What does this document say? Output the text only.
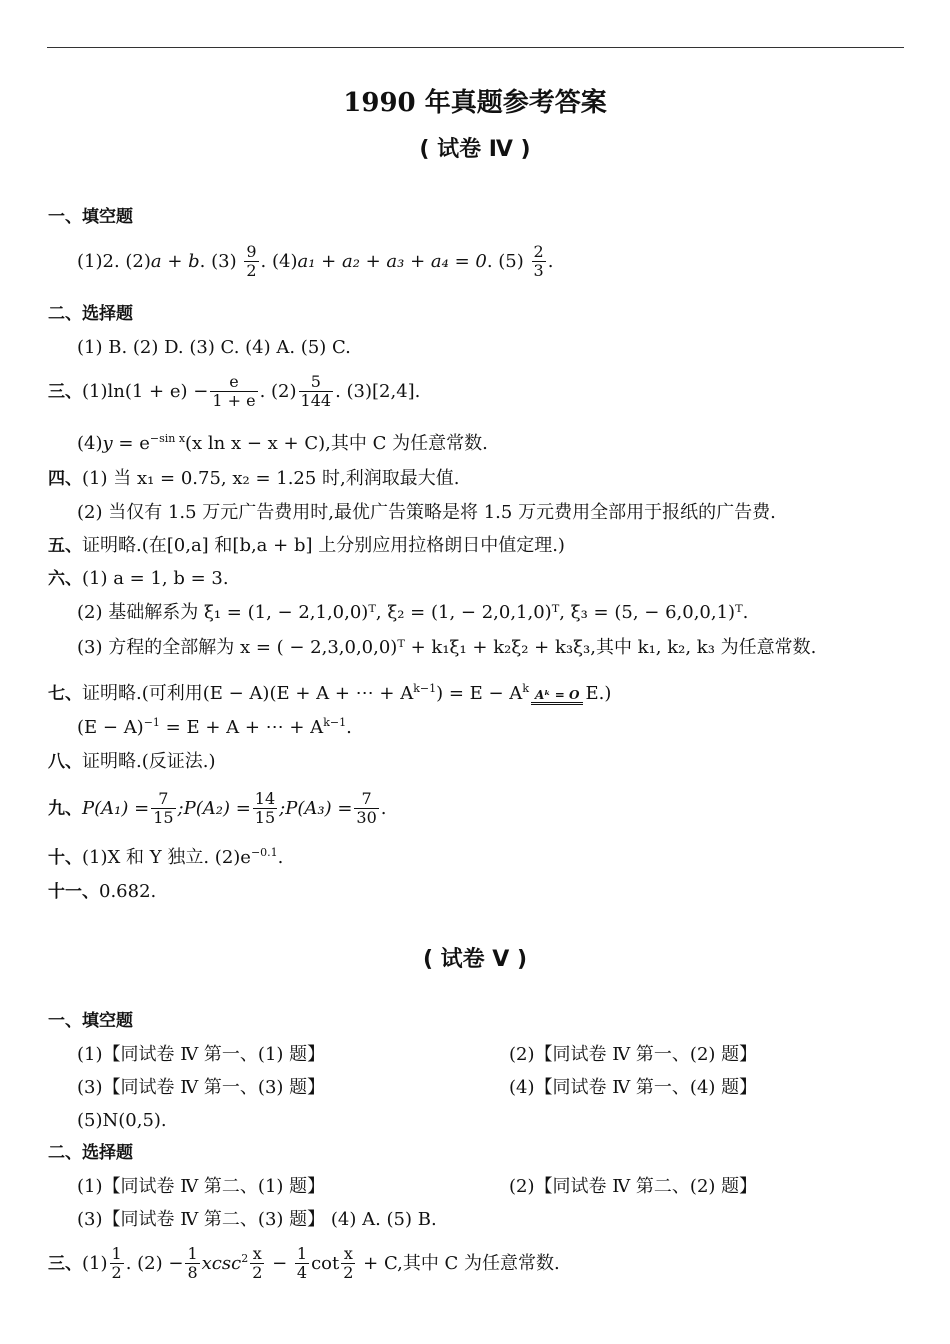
1990 年真题参考答案
( 试卷 Ⅳ )
一、填空题
(1)2. (2)a + b. $(3) \frac{9}{2}$ . (4)a₁ + a₂ + a₃ + a₄ = 0. $(5) \frac{2}{3}$ .
二、选择题
(1) B. (2) D. (3) C. (4) A. (5) C.
三、$(1)\ln(1 + e) - \frac{e}{1 + e}$ . $(2) \frac{5}{144}$ . (3)[2,4].
$(4)y = e^{-sin x}(x$ ln x − x + C),其中 C 为任意常数.
四、(1) 当 x₁ = 0.75, x₂ = 1.25 时,利润取最大值.
(2) 当仅有 1.5 万元广告费用时,最优广告策略是将 1.5 万元费用全部用于报纸的广告费.
五、证明略.(在[0,a] 和[b,a + b] 上分别应用拉格朗日中值定理.)
六、(1) a = 1, b = 3.
(2) 基础解系为 ξ₁ = (1, − 2,1,0,0)ᵀ, ξ₂ = (1, − 2,0,1,0)ᵀ, ξ₃ = (5, − 6,0,0,1)ᵀ.
(3) 方程的全部解为 x = ( − 2,3,0,0,0)ᵀ + k₁ξ₁ + k₂ξ₂ + k₃ξ₃,其中 k₁, k₂, k₃ 为任意常数.
七、证明略.(可利用(E − A)(E + A + ⋯ + $A^{k-1}) = E - A^k$ Aᵏ = O E.)
$(E - A)^{-1} = E + A$ + ⋯ + $A^{k-1}$.
八、证明略.(反证法.)
九、$P(A_1) = \frac{7}{15}$ ;P(A₂) = $\frac{14}{15}$ ;P(A₃) = $\frac{7}{30}$ .
十、(1)X 和 Y 独立. $(2)e^{-0.1}$.
十一、0.682.
( 试卷 Ⅴ )
一、填空题
(1)【同试卷 Ⅳ 第一、(1) 题】	(2)【同试卷 Ⅳ 第一、(2) 题】
(3)【同试卷 Ⅳ 第一、(3) 题】	(4)【同试卷 Ⅳ 第一、(4) 题】
(5)N(0,5).
二、选择题
(1)【同试卷 Ⅳ 第二、(1) 题】	(2)【同试卷 Ⅳ 第二、(2) 题】
(3)【同试卷 Ⅳ 第二、(3) 题】 (4) A. (5) B.
三、$(1) \frac{1}{2}$ . $(2) - \frac{1}{8} xcsc^2 \frac{x}{2} - \frac{1}{4}$ $\cot \frac{x}{2} + C$,其中 C 为任意常数.
